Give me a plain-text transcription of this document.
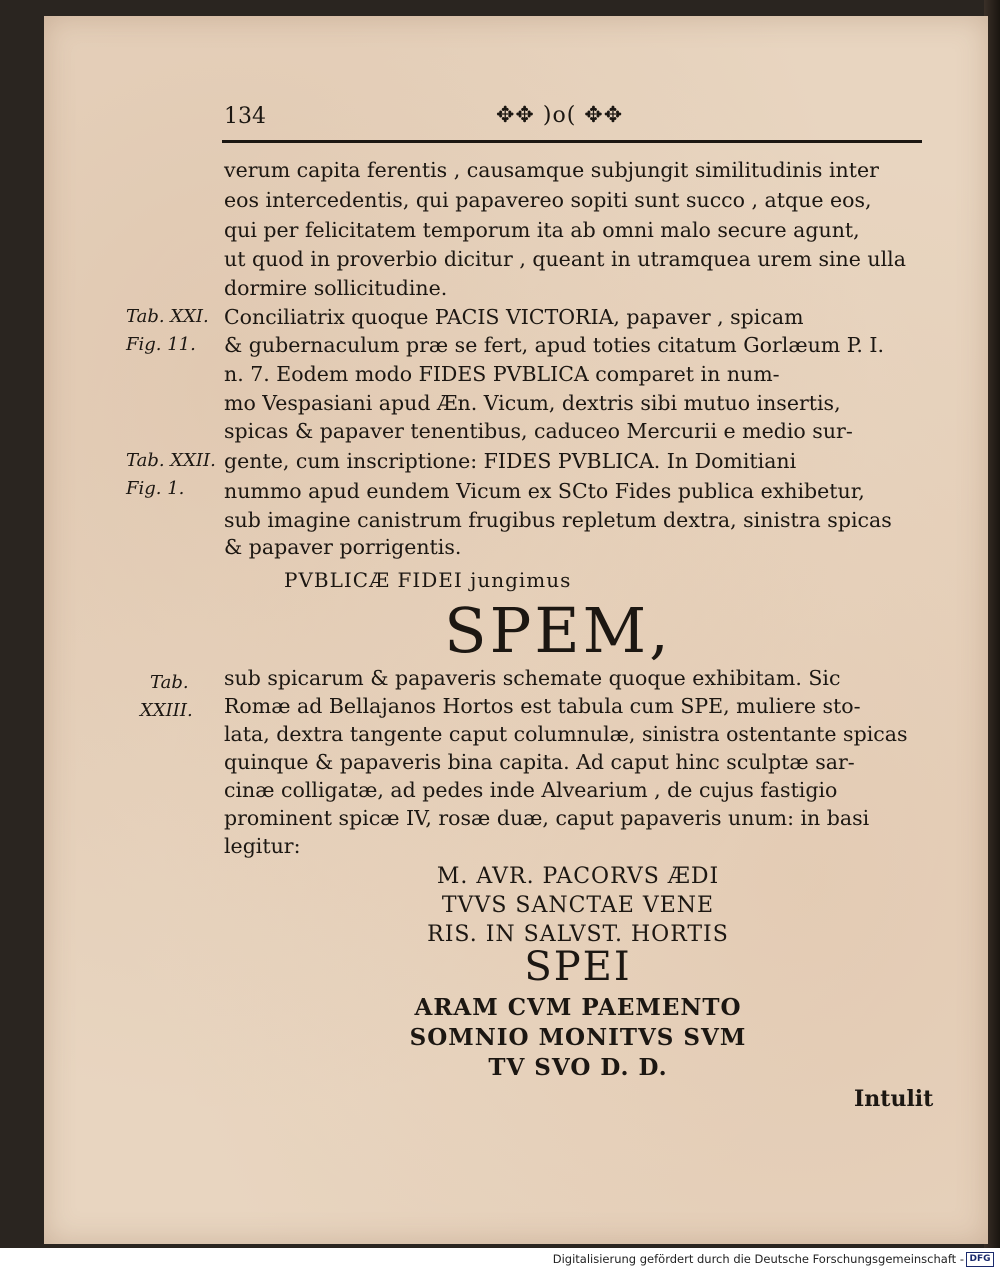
134	✥✥ )o( ✥✥
verum capita ferentis , causamque subjungit similitudinis inter
eos intercedentis, qui papavereo sopiti sunt succo , atque eos,
qui per felicitatem temporum ita ab omni malo secure agunt,
ut quod in proverbio dicitur , queant in utramquea urem sine ulla
dormire sollicitudine.
Conciliatrix quoque PACIS VICTORIA, papaver , spicam
& gubernaculum præ se fert, apud toties citatum Gorlæum P. I.
n. 7. Eodem modo FIDES PVBLICA comparet in num-
mo Vespasiani apud Æn. Vicum, dextris sibi mutuo insertis,
spicas & papaver tenentibus, caduceo Mercurii e medio sur-
gente, cum inscriptione: FIDES PVBLICA. In Domitiani
nummo apud eundem Vicum ex SCto Fides publica exhibetur,
sub imagine canistrum frugibus repletum dextra, sinistra spicas
& papaver porrigentis.
PVBLICÆ FIDEI jungimus
SPEM,
sub spicarum & papaveris schemate quoque exhibitam. Sic
Romæ ad Bellajanos Hortos est tabula cum SPE, muliere sto-
lata, dextra tangente caput columnulæ, sinistra ostentante spicas
quinque & papaveris bina capita. Ad caput hinc sculptæ sar-
cinæ colligatæ, ad pedes inde Alvearium , de cujus fastigio
prominent spicæ IV, rosæ duæ, caput papaveris unum: in basi
legitur:
M. AVR. PACORVS ÆDI
TVVS SANCTAE VENE
RIS. IN SALVST. HORTIS
SPEI
ARAM CVM PAEMENTO
SOMNIO MONITVS SVM
TV SVO D. D.
Tab. XXI.
Fig. 11.
Tab. XXII.
Fig. 1.
Tab.
XXIII.
Intulit
Digitalisierung gefördert durch die Deutsche Forschungsgemeinschaft - DFG
